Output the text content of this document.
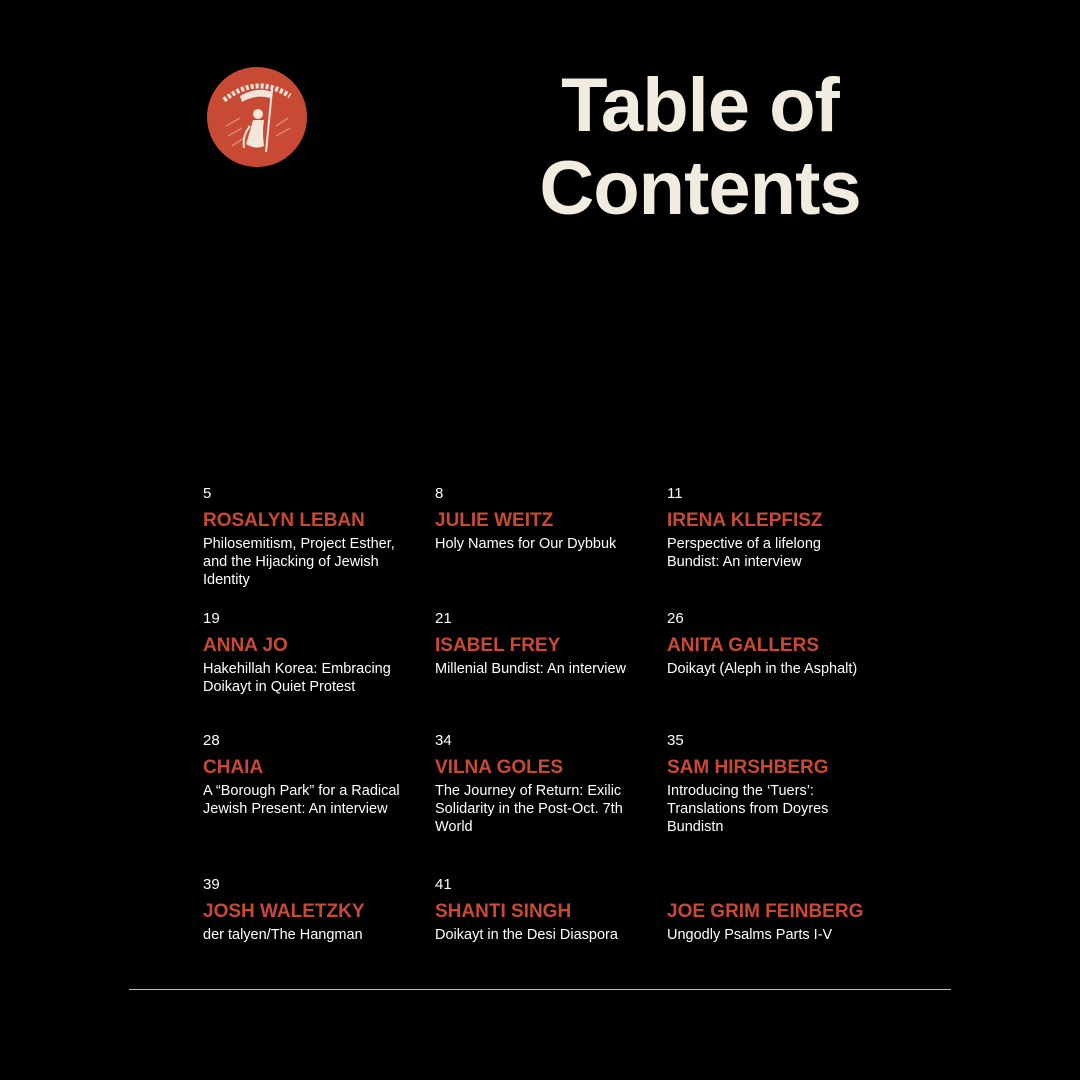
Table of
Contents
5
ROSALYN LEBAN
Philosemitism, Project Esther, and the Hijacking of Jewish Identity
8
JULIE WEITZ
Holy Names for Our Dybbuk
11
IRENA KLEPFISZ
Perspective of a lifelong Bundist: An interview
19
ANNA JO
Hakehillah Korea: Embracing Doikayt in Quiet Protest
21
ISABEL FREY
Millenial Bundist: An interview
26
ANITA GALLERS
Doikayt (Aleph in the Asphalt)
28
CHAIA
A “Borough Park” for a Radical Jewish Present: An interview
34
VILNA GOLES
The Journey of Return: Exilic Solidarity in the Post-Oct. 7th World
35
SAM HIRSHBERG
Introducing the ‘Tuers’: Translations from Doyres Bundistn
39
JOSH WALETZKY
der talyen/The Hangman
41
SHANTI SINGH
Doikayt in the Desi Diaspora
JOE GRIM FEINBERG
Ungodly Psalms Parts I-V
